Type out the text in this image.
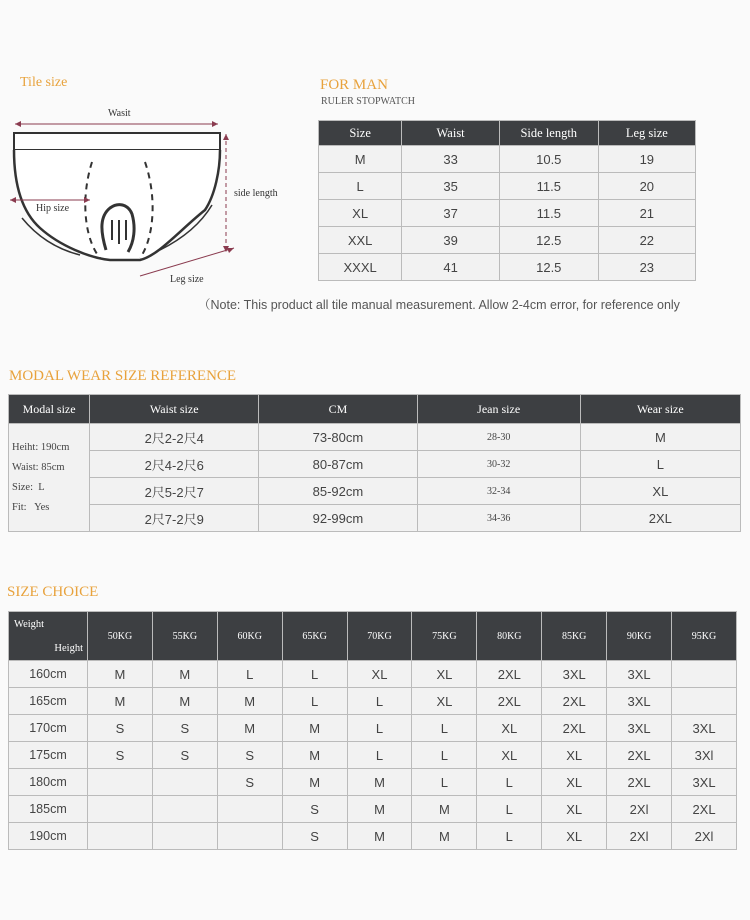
Tile size
Wasit
side length
Hip size
Leg size
FOR MAN
RULER STOPWATCH
Size	Waist	Side length	Leg size
M	33	10.5	19
L	35	11.5	20
XL	37	11.5	21
XXL	39	12.5	22
XXXL	41	12.5	23
（Note: This product all tile manual measurement. Allow 2-4cm error, for reference only
MODAL WEAR SIZE REFERENCE
Modal size	Waist size	CM	Jean size	Wear size

Heiht: 190cm
Waist: 85cm
Size:  L
Fit:   Yes	2尺2-2尺4	73-80cm	28-30	M
	2尺4-2尺6	80-87cm	30-32	L
	2尺5-2尺7	85-92cm	32-34	XL
	2尺7-2尺9	92-99cm	34-36	2XL
SIZE CHOICE
Weight
Height	50KG	55KG	60KG	65KG	70KG	75KG	80KG	85KG	90KG	95KG
160cm	M	M	L	L	XL	XL	2XL	3XL	3XL	
165cm	M	M	M	L	L	XL	2XL	2XL	3XL	
170cm	S	S	M	M	L	L	XL	2XL	3XL	3XL
175cm	S	S	S	M	L	L	XL	XL	2XL	3Xl
180cm			S	M	M	L	L	XL	2XL	3XL
185cm				S	M	M	L	XL	2Xl	2XL
190cm				S	M	M	L	XL	2Xl	2Xl
